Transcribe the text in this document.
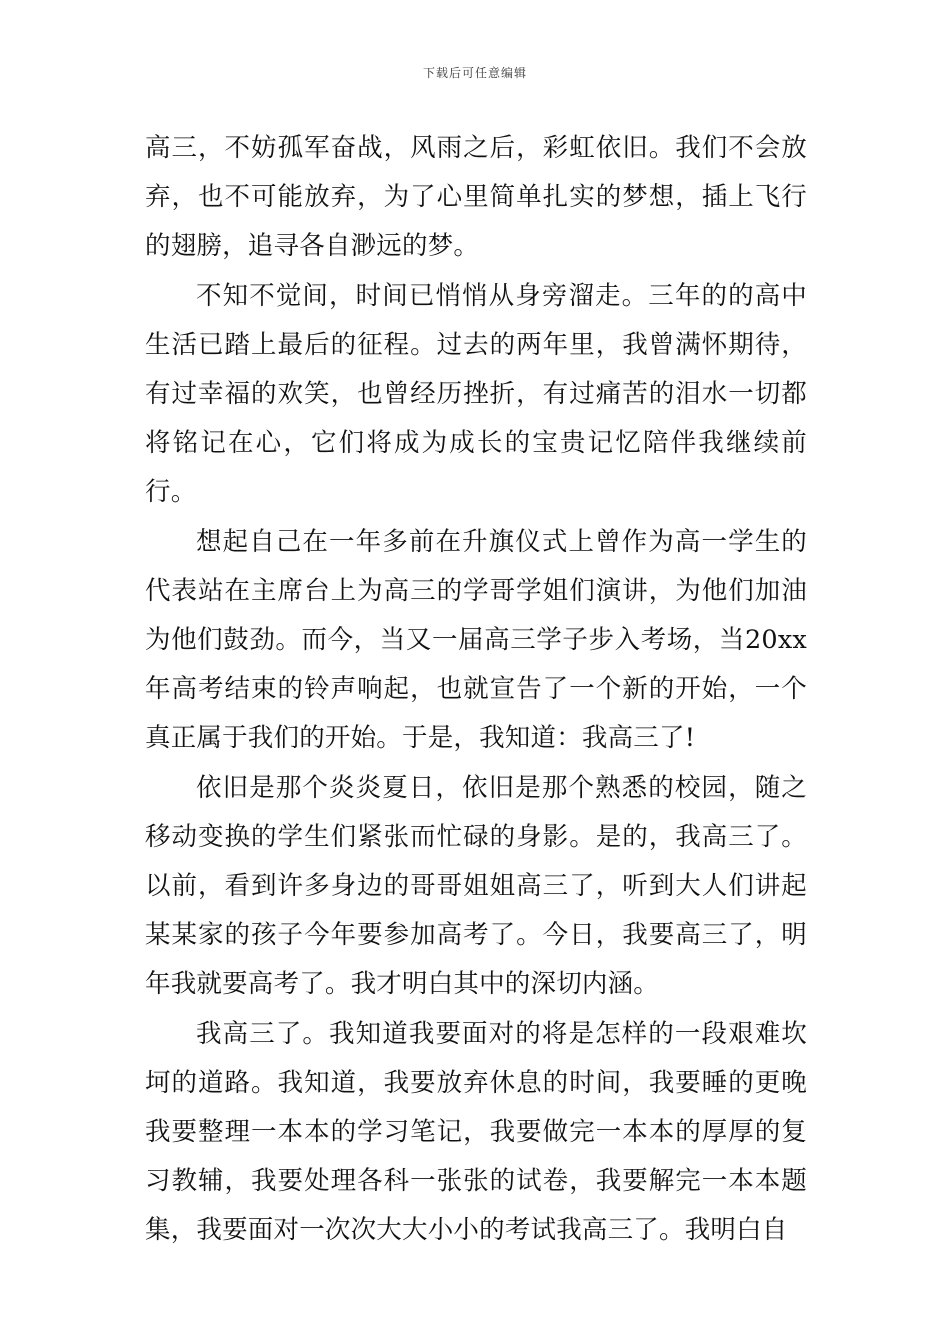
下载后可任意编辑

高三，不妨孤军奋战，风雨之后，彩虹依旧。我们不会放弃，也不可能放弃，为了心里简单扎实的梦想，插上飞行的翅膀，追寻各自渺远的梦。

不知不觉间，时间已悄悄从身旁溜走。三年的的高中生活已踏上最后的征程。过去的两年里，我曾满怀期待，有过幸福的欢笑，也曾经历挫折，有过痛苦的泪水一切都将铭记在心，它们将成为成长的宝贵记忆陪伴我继续前行。

想起自己在一年多前在升旗仪式上曾作为高一学生的代表站在主席台上为高三的学哥学姐们演讲，为他们加油为他们鼓劲。而今，当又一届高三学子步入考场，当20xx年高考结束的铃声响起，也就宣告了一个新的开始，一个真正属于我们的开始。于是，我知道：我高三了!

依旧是那个炎炎夏日，依旧是那个熟悉的校园，随之移动变换的学生们紧张而忙碌的身影。是的，我高三了。以前，看到许多身边的哥哥姐姐高三了，听到大人们讲起某某家的孩子今年要参加高考了。今日，我要高三了，明年我就要高考了。我才明白其中的深切内涵。

我高三了。我知道我要面对的将是怎样的一段艰难坎坷的道路。我知道，我要放弃休息的时间，我要睡的更晚我要整理一本本的学习笔记，我要做完一本本的厚厚的复习教辅，我要处理各科一张张的试卷，我要解完一本本题集，我要面对一次次大大小小的考试我高三了。我明白自
